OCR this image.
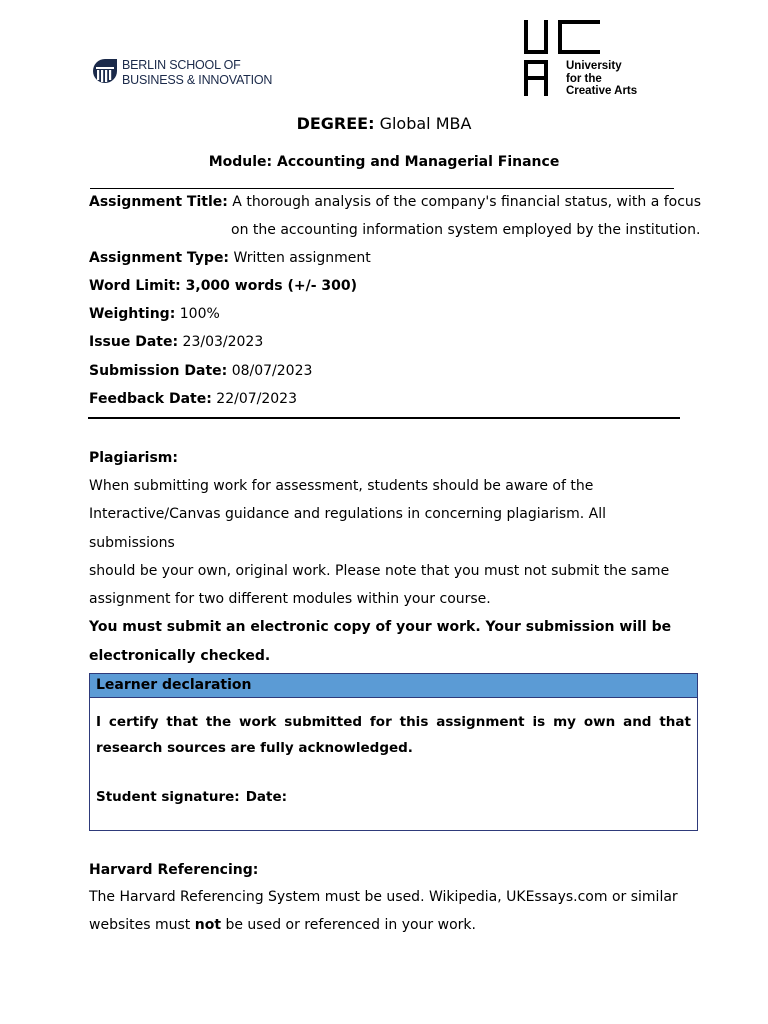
BERLIN SCHOOL OF
BUSINESS & INNOVATION
University
for the
Creative Arts
DEGREE: Global MBA
Module: Accounting and Managerial Finance
Assignment Title: A thorough analysis of the company's financial status, with a focus
on the accounting information system employed by the institution.
Assignment Type: Written assignment
Word Limit: 3,000 words (+/- 300)
Weighting: 100%
Issue Date: 23/03/2023
Submission Date: 08/07/2023
Feedback Date: 22/07/2023
Plagiarism:
When submitting work for assessment, students should be aware of the
Interactive/Canvas guidance and regulations in concerning plagiarism. All submissions
should be your own, original work. Please note that you must not submit the same
assignment for two different modules within your course.
You must submit an electronic copy of your work. Your submission will be
electronically checked.
Learner declaration
I certify that the work submitted for this assignment is my own and that research sources are fully acknowledged.
Student signature: Date:
Harvard Referencing:
The Harvard Referencing System must be used. Wikipedia, UKEssays.com or similar
websites must not be used or referenced in your work.
